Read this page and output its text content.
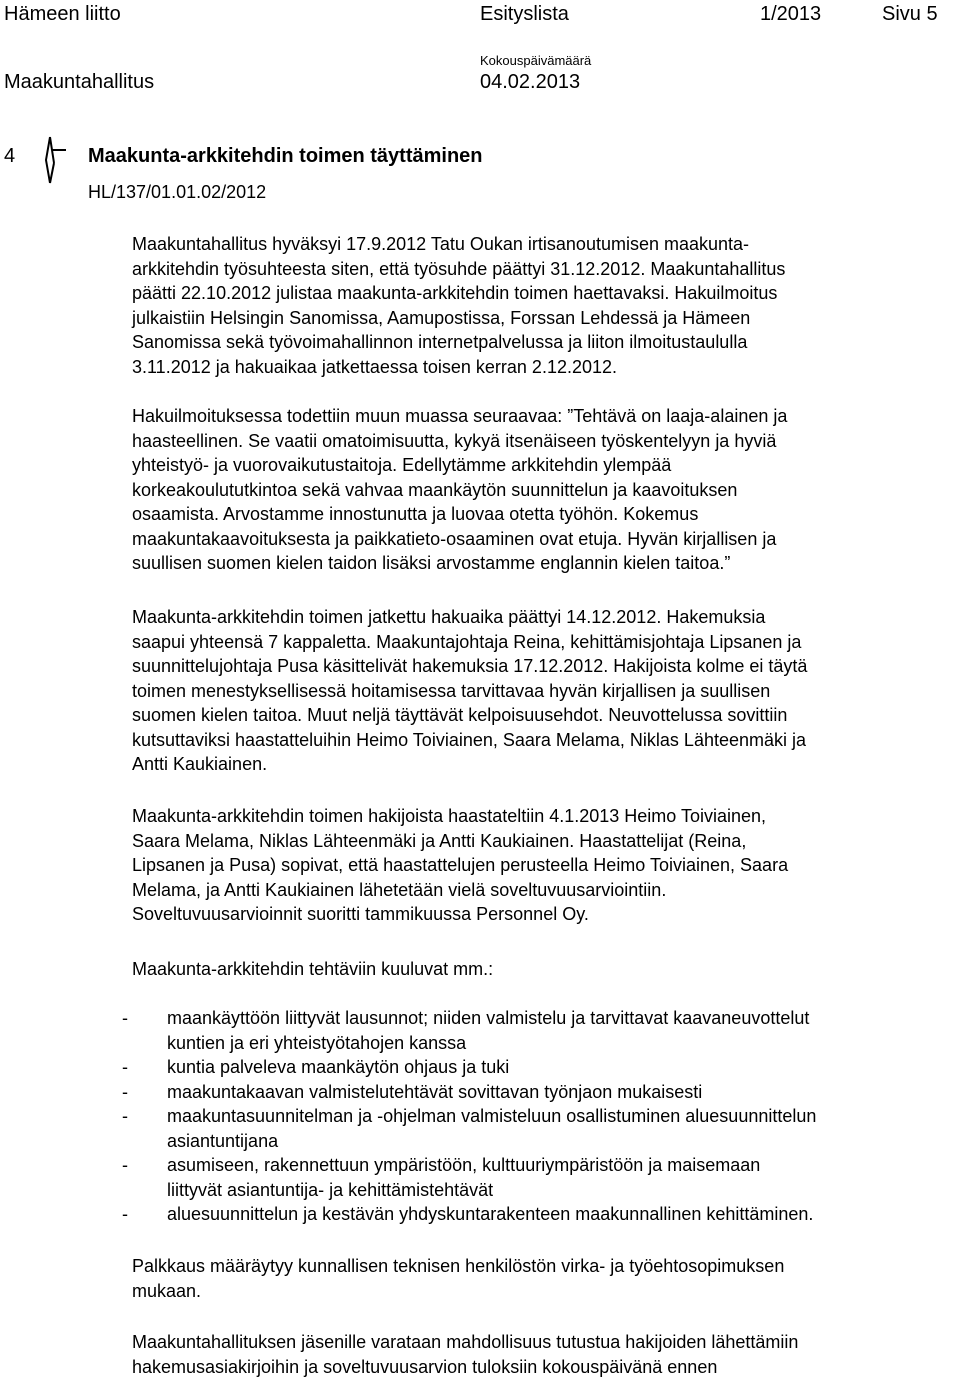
Hämeen liitto	Esityslista	1/2013	Sivu 5
Kokouspäivämäärä
Maakuntahallitus	04.02.2013
4	Maakunta-arkkitehdin toimen täyttäminen
HL/137/01.01.02/2012
Maakuntahallitus hyväksyi 17.9.2012 Tatu Oukan irtisanoutumisen maakunta-
arkkitehdin työsuhteesta siten, että työsuhde päättyi 31.12.2012. Maakuntahallitus
päätti 22.10.2012 julistaa maakunta-arkkitehdin toimen haettavaksi. Hakuilmoitus
julkaistiin Helsingin Sanomissa, Aamupostissa, Forssan Lehdessä ja Hämeen
Sanomissa sekä työvoimahallinnon internetpalvelussa ja liiton ilmoitustaululla
3.11.2012 ja hakuaikaa jatkettaessa toisen kerran 2.12.2012.
Hakuilmoituksessa todettiin muun muassa seuraavaa: ”Tehtävä on laaja-alainen ja
haasteellinen. Se vaatii omatoimisuutta, kykyä itsenäiseen työskentelyyn ja hyviä
yhteistyö- ja vuorovaikutustaitoja. Edellytämme arkkitehdin ylempää
korkeakoulututkintoa sekä vahvaa maankäytön suunnittelun ja kaavoituksen
osaamista. Arvostamme innostunutta ja luovaa otetta työhön. Kokemus
maakuntakaavoituksesta ja paikkatieto-osaaminen ovat etuja. Hyvän kirjallisen ja
suullisen suomen kielen taidon lisäksi arvostamme englannin kielen taitoa.”
Maakunta-arkkitehdin toimen jatkettu hakuaika päättyi 14.12.2012. Hakemuksia
saapui yhteensä 7 kappaletta. Maakuntajohtaja Reina, kehittämisjohtaja Lipsanen ja
suunnittelujohtaja Pusa käsittelivät hakemuksia 17.12.2012. Hakijoista kolme ei täytä
toimen menestyksellisessä hoitamisessa tarvittavaa hyvän kirjallisen ja suullisen
suomen kielen taitoa. Muut neljä täyttävät kelpoisuusehdot. Neuvottelussa sovittiin
kutsuttaviksi haastatteluihin Heimo Toiviainen, Saara Melama, Niklas Lähteenmäki ja
Antti Kaukiainen.
Maakunta-arkkitehdin toimen hakijoista haastateltiin 4.1.2013 Heimo Toiviainen,
Saara Melama, Niklas Lähteenmäki ja Antti Kaukiainen. Haastattelijat (Reina,
Lipsanen ja Pusa) sopivat, että haastattelujen perusteella Heimo Toiviainen, Saara
Melama, ja Antti Kaukiainen lähetetään vielä soveltuvuusarviointiin.
Soveltuvuusarvioinnit suoritti tammikuussa Personnel Oy.
Maakunta-arkkitehdin tehtäviin kuuluvat mm.:
-	maankäyttöön liittyvät lausunnot; niiden valmistelu ja tarvittavat kaavaneuvottelut
kuntien ja eri yhteistyötahojen kanssa
-	kuntia palveleva maankäytön ohjaus ja tuki
-	maakuntakaavan valmistelutehtävät sovittavan työnjaon mukaisesti
-	maakuntasuunnitelman ja -ohjelman valmisteluun osallistuminen aluesuunnittelun
asiantuntijana
-	asumiseen, rakennettuun ympäristöön, kulttuuriympäristöön ja maisemaan
liittyvät asiantuntija- ja kehittämistehtävät
-	aluesuunnittelun ja kestävän yhdyskuntarakenteen maakunnallinen kehittäminen.
Palkkaus määräytyy kunnallisen teknisen henkilöstön virka- ja työehtosopimuksen
mukaan.
Maakuntahallituksen jäsenille varataan mahdollisuus tutustua hakijoiden lähettämiin
hakemusasiakirjoihin ja soveltuvuusarvion tuloksiin kokouspäivänä ennen
